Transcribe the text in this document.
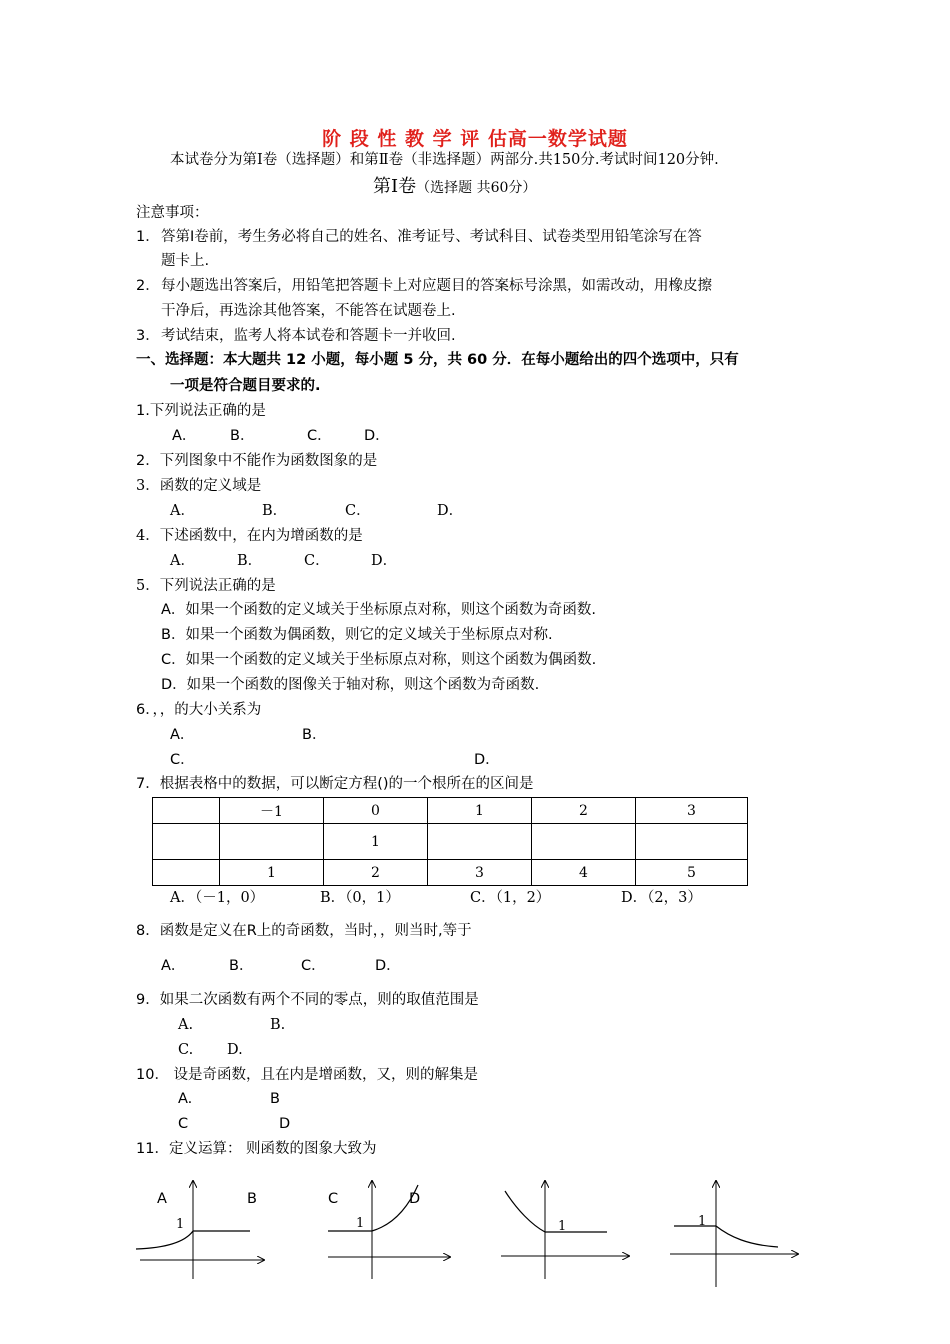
阶 段 性 教 学 评 估高一数学试题
本试卷分为第Ⅰ卷（选择题）和第Ⅱ卷（非选择题）两部分.共150分.考试时间120分钟.
第Ⅰ卷（选择题 共60分）
注意事项：
1． 答第Ⅰ卷前，考生务必将自己的姓名、准考证号、考试科目、试卷类型用铅笔涂写在答
题卡上.
2． 每小题选出答案后，用铅笔把答题卡上对应题目的答案标号涂黑，如需改动，用橡皮擦
干净后，再选涂其他答案，不能答在试题卷上.
3． 考试结束，监考人将本试卷和答题卡一并收回.
一、选择题：本大题共 12 小题，每小题 5 分，共 60 分．在每小题给出的四个选项中，只有
一项是符合题目要求的.
1.下列说法正确的是
A． B．	C． D．
2．下列图象中不能作为函数图象的是
3．函数的定义域是
A．	B．	C．	D．
4．下述函数中，在内为增函数的是
A．	B．	C．	D．
5．下列说法正确的是
A．如果一个函数的定义域关于坐标原点对称，则这个函数为奇函数.
B．如果一个函数为偶函数，则它的定义域关于坐标原点对称.
C．如果一个函数的定义域关于坐标原点对称，则这个函数为偶函数.
D．如果一个函数的图像关于轴对称，则这个函数为奇函数.
6．，，的大小关系为
A．	B．
C．	D．
7．根据表格中的数据，可以断定方程()的一个根所在的区间是
	－1	0	1	2	3
		1			
	1	2	3	4	5
A．（－1，0）	B．（0，1）	C．（1，2）	D．（2，3）
8．函数是定义在R上的奇函数，当时，，则当时,等于
A．	B．	C．	D．
9．如果二次函数有两个不同的零点，则的取值范围是
A.	B.
C. D.
10． 设是奇函数，且在内是增函数，又，则的解集是
A.	B
C	D
11．定义运算： 则函数的图象大致为
A	B	C	D
1	1	1	1
